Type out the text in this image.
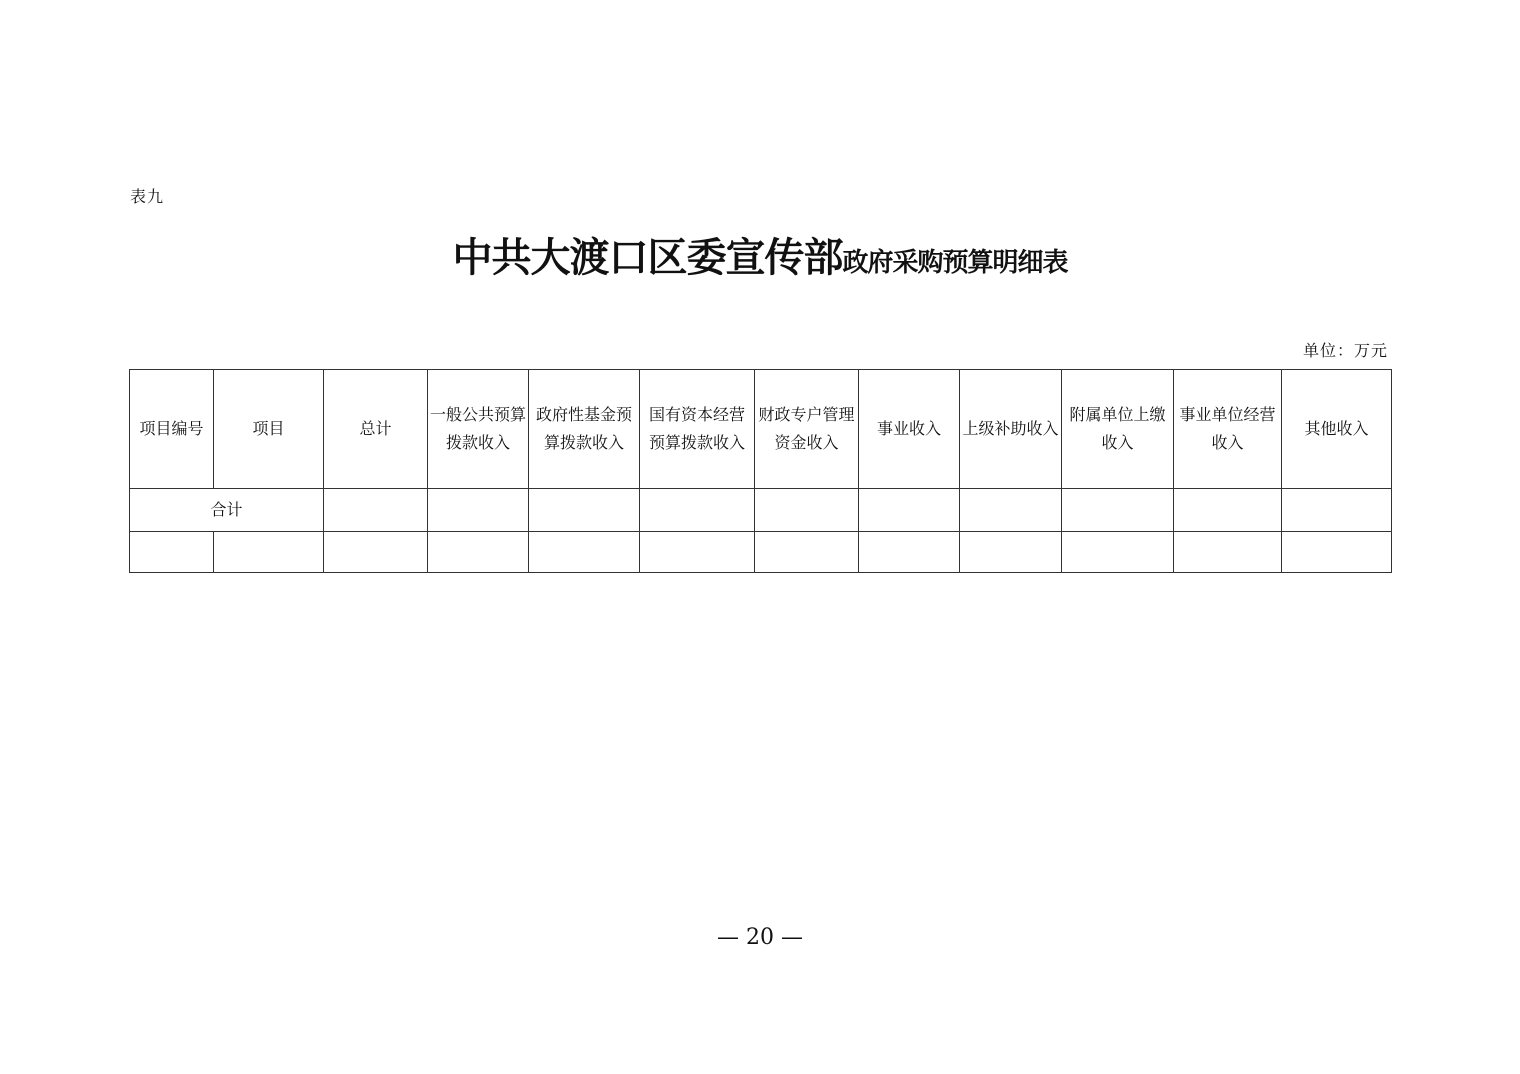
表九
中共大渡口区委宣传部政府采购预算明细表
单位：万元
项目编号	项目	总计	一般公共预算拨款收入	政府性基金预算拨款收入	国有资本经营预算拨款收入	财政专户管理资金收入	事业收入	上级补助收入	附属单位上缴收入	事业单位经营收入	其他收入
合计											

— 20 —
